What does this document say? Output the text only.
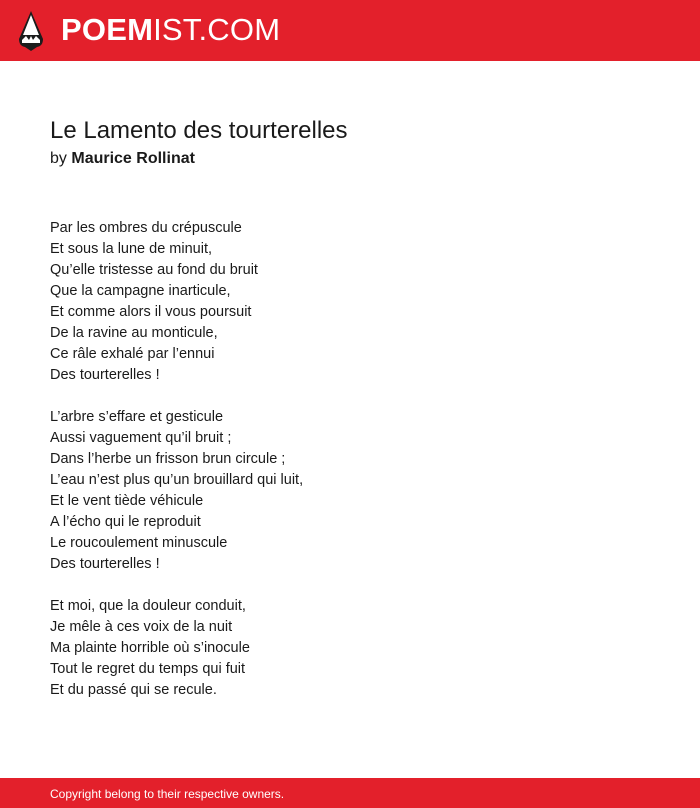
POEMIST.COM
Le Lamento des tourterelles
by Maurice Rollinat
Par les ombres du crépuscule
Et sous la lune de minuit,
Qu’elle tristesse au fond du bruit
Que la campagne inarticule,
Et comme alors il vous poursuit
De la ravine au monticule,
Ce râle exhalé par l’ennui
Des tourterelles !
L’arbre s’effare et gesticule
Aussi vaguement qu’il bruit ;
Dans l’herbe un frisson brun circule ;
L’eau n’est plus qu’un brouillard qui luit,
Et le vent tiède véhicule
A l’écho qui le reproduit
Le roucoulement minuscule
Des tourterelles !
Et moi, que la douleur conduit,
Je mêle à ces voix de la nuit
Ma plainte horrible où s’inocule
Tout le regret du temps qui fuit
Et du passé qui se recule.
Copyright belong to their respective owners.
